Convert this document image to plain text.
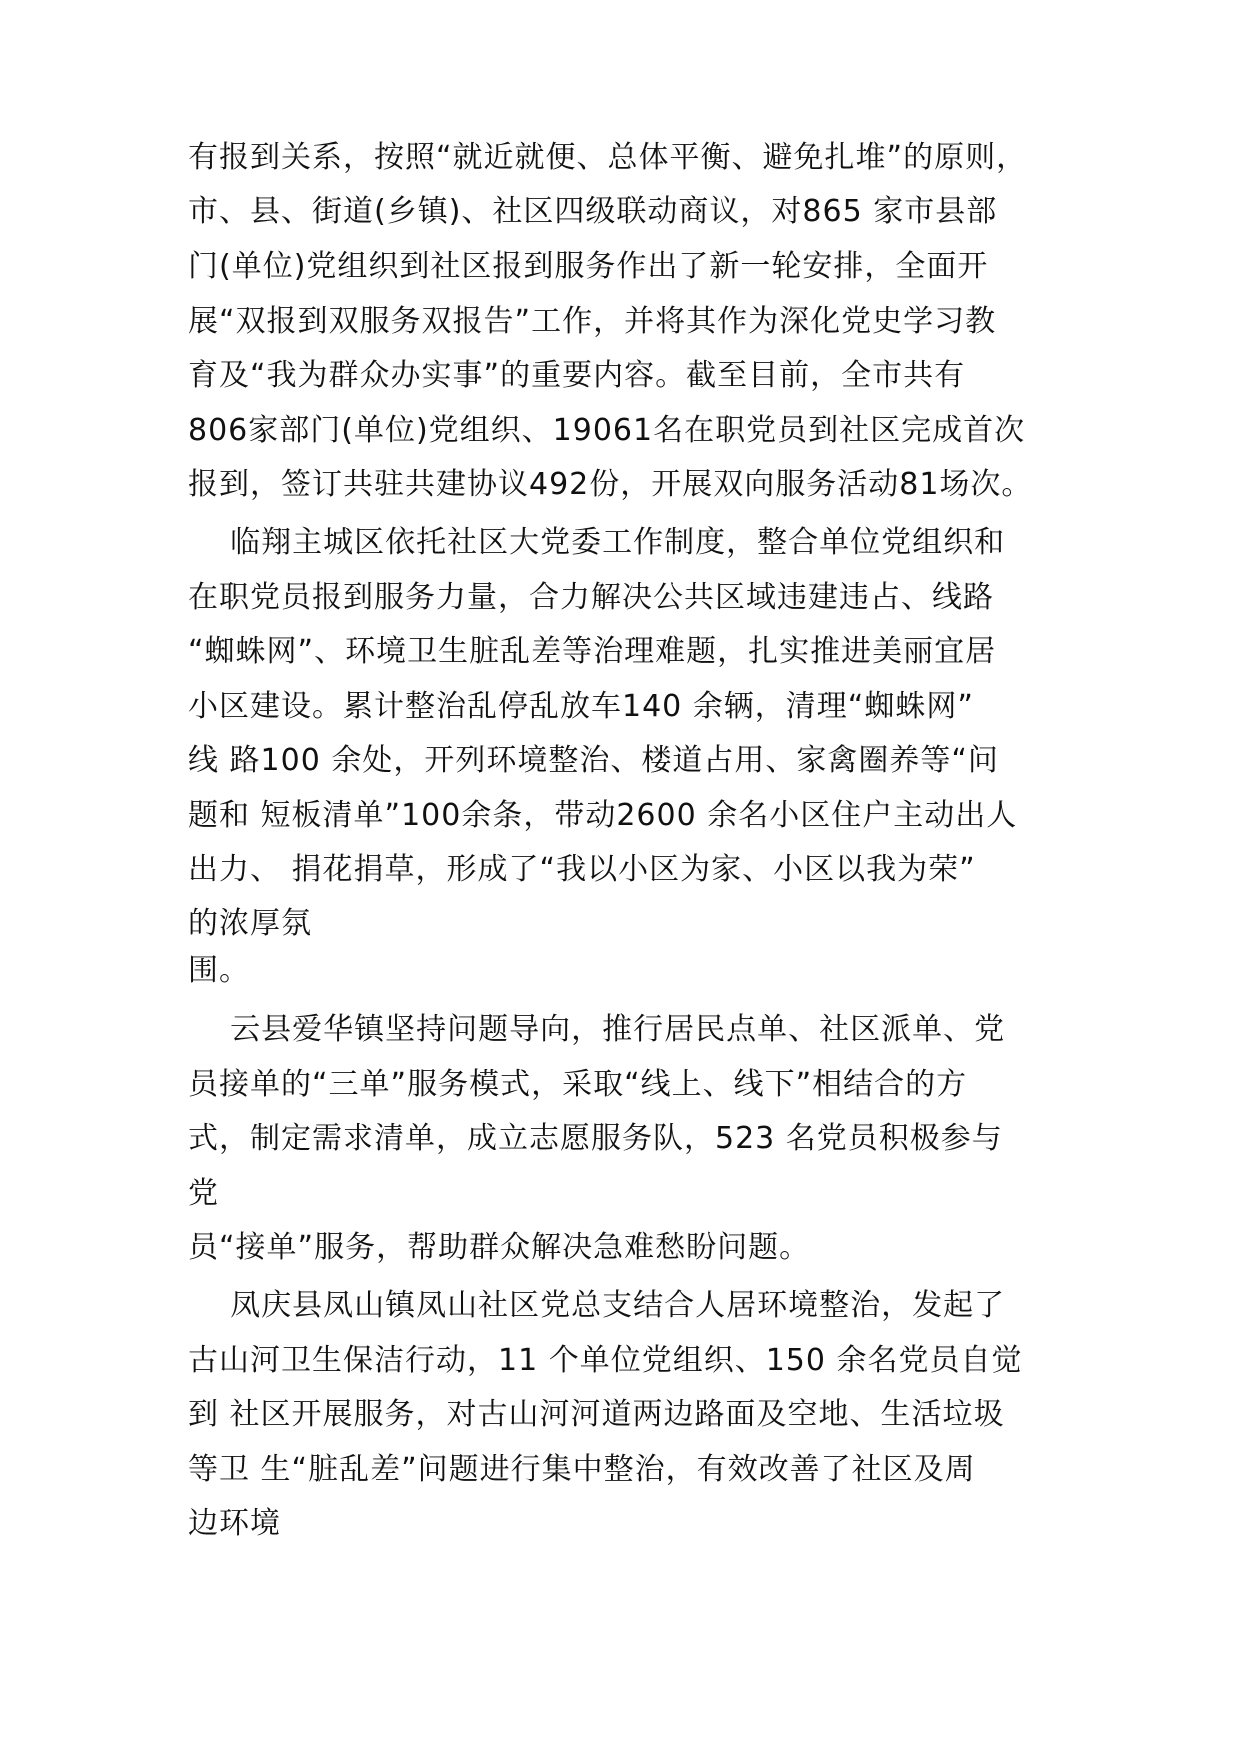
有报到关系，按照“就近就便、总体平衡、避免扎堆”的原则，
市、县、街道(乡镇)、社区四级联动商议，对865 家市县部
门(单位)党组织到社区报到服务作出了新一轮安排，全面开
展“双报到双服务双报告”工作，并将其作为深化党史学习教
育及“我为群众办实事”的重要内容。截至目前，全市共有
806家部门(单位)党组织、19061名在职党员到社区完成首次
报到，签订共驻共建协议492份，开展双向服务活动81场次。
临翔主城区依托社区大党委工作制度，整合单位党组织和
在职党员报到服务力量，合力解决公共区域违建违占、线路
“蜘蛛网”、环境卫生脏乱差等治理难题，扎实推进美丽宜居
小区建设。累计整治乱停乱放车140 余辆，清理“蜘蛛网”
线 路100 余处，开列环境整治、楼道占用、家禽圈养等“问
题和 短板清单”100余条，带动2600 余名小区住户主动出人
出力、 捐花捐草，形成了“我以小区为家、小区以我为荣”
的浓厚氛
围。
云县爱华镇坚持问题导向，推行居民点单、社区派单、党
员接单的“三单”服务模式，采取“线上、线下”相结合的方
式，制定需求清单，成立志愿服务队，523 名党员积极参与
党
员“接单”服务，帮助群众解决急难愁盼问题。
凤庆县凤山镇凤山社区党总支结合人居环境整治，发起了
古山河卫生保洁行动，11 个单位党组织、150 余名党员自觉
到 社区开展服务，对古山河河道两边路面及空地、生活垃圾
等卫 生“脏乱差”问题进行集中整治，有效改善了社区及周
边环境
